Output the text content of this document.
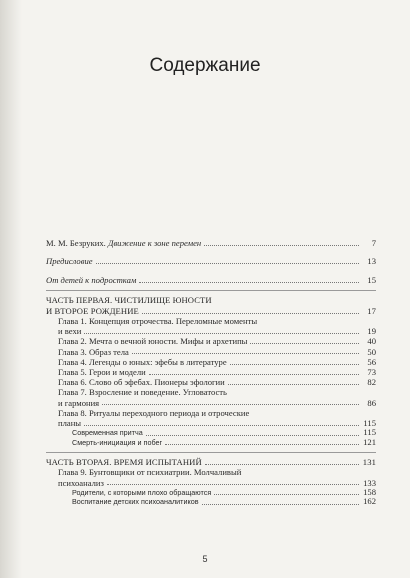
Содержание
М. М. Безруких. Движение к зоне перемен	7
Предисловие	13
От детей к подросткам	15
ЧАСТЬ ПЕРВАЯ. ЧИСТИЛИЩЕ ЮНОСТИ
И ВТОРОЕ РОЖДЕНИЕ	17
Глава 1. Концепция отрочества. Переломные моменты
и вехи	19
Глава 2. Мечта о вечной юности. Мифы и архетипы	40
Глава 3. Образ тела	50
Глава 4. Легенды о юных: эфебы в литературе	56
Глава 5. Герои и модели	73
Глава 6. Слово об эфебах. Пионеры эфологии	82
Глава 7. Взросление и поведение. Угловатость
и гармония	86
Глава 8. Ритуалы переходного периода и отроческие
планы	115
Современная притча	115
Смерть-инициация и побег	121
ЧАСТЬ ВТОРАЯ. ВРЕМЯ ИСПЫТАНИЙ	131
Глава 9. Бунтовщики от психиатрии. Молчаливый
психоанализ	133
Родители, с которыми плохо обращаются	158
Воспитание детских психоаналитиков	162
5
